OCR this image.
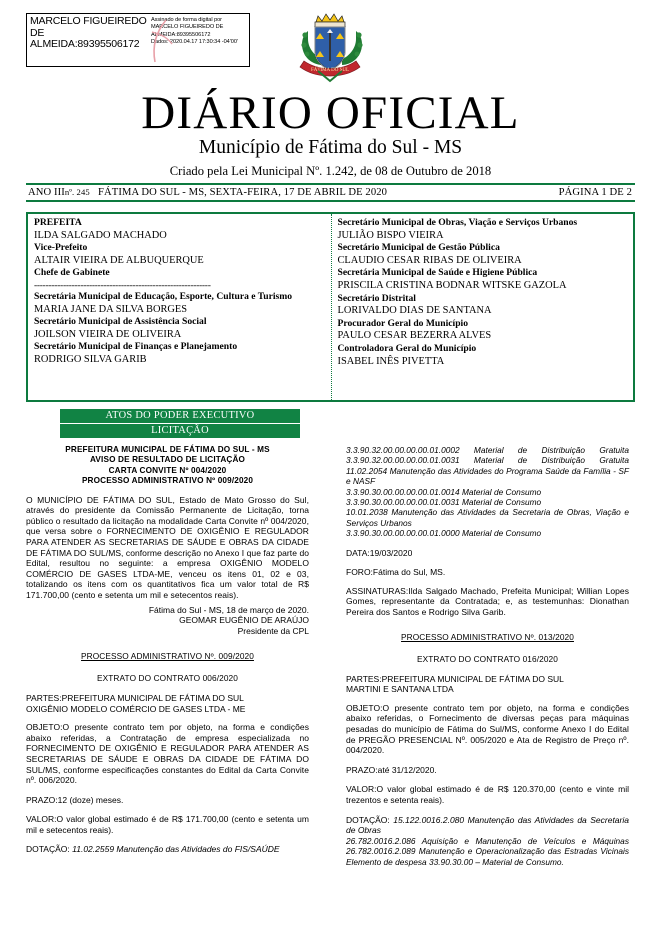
MARCELO FIGUEIREDO
DE
ALMEIDA:89395506172
Assinado de forma digital por
MARCELO FIGUEIREDO DE
ALMEIDA:89395506172
Dados: 2020.04.17 17:30:34 -04'00'
FÁTIMA DO SUL
DIÁRIO OFICIAL
Município de Fátima do Sul - MS
Criado pela Lei Municipal Nº. 1.242, de 08 de Outubro de 2018
ANO IIInº. 245 FÁTIMA DO SUL - MS, SEXTA-FEIRA, 17 DE ABRIL DE 2020	PÁGINA 1 DE 2
PREFEITA
ILDA SALGADO MACHADO
Vice-Prefeito
ALTAIR VIEIRA DE ALBUQUERQUE
Chefe de Gabinete
-------------------------------------------------------------
Secretária Municipal de Educação, Esporte, Cultura e Turismo
MARIA JANE DA SILVA BORGES
Secretário Municipal de Assistência Social
JOILSON VIEIRA DE OLIVEIRA
Secretário Municipal de Finanças e Planejamento
RODRIGO SILVA GARIB
Secretário Municipal de Obras, Viação e Serviços Urbanos
JULIÃO BISPO VIEIRA
Secretário Municipal de Gestão Pública
CLAUDIO CESAR RIBAS DE OLIVEIRA
Secretária Municipal de Saúde e Higiene Pública
PRISCILA CRISTINA BODNAR WITSKE GAZOLA
Secretário Distrital
LORIVALDO DIAS DE SANTANA
Procurador Geral do Município
PAULO CESAR BEZERRA ALVES
Controladora Geral do Município
ISABEL INÊS PIVETTA
ATOS DO PODER EXECUTIVO
LICITAÇÃO
PREFEITURA MUNICIPAL DE FÁTIMA DO SUL - MS
AVISO DE RESULTADO DE LICITAÇÃO
CARTA CONVITE Nº 004/2020
PROCESSO ADMINISTRATIVO Nº 009/2020
O MUNICÍPIO DE FÁTIMA DO SUL, Estado de Mato Grosso do Sul, através do presidente da Comissão Permanente de Licitação, torna público o resultado da licitação na modalidade Carta Convite nº 004/2020, que versa sobre o FORNECIMENTO DE OXIGÊNIO E REGULADOR PARA ATENDER AS SECRETARIAS DE SÁUDE E OBRAS DA CIDADE DE FÁTIMA DO SUL/MS, conforme descrição no Anexo I que faz parte do Edital, resultou no seguinte: a empresa OXIGÊNIO MODELO COMÉRCIO DE GASES LTDA-ME, venceu os itens 01, 02 e 03, totalizando os itens com os quantitativos fica um valor total de R$ 171.700,00 (cento e setenta um mil e setecentos reais).
Fátima do Sul - MS, 18 de março de 2020.
GEOMAR EUGÊNIO DE ARAÚJO
Presidente da CPL
PROCESSO ADMINISTRATIVO Nº. 009/2020
EXTRATO DO CONTRATO 006/2020
PARTES:PREFEITURA MUNICIPAL DE FÁTIMA DO SUL
OXIGÊNIO MODELO COMÉRCIO DE GASES LTDA - ME
OBJETO:O presente contrato tem por objeto, na forma e condições abaixo referidas, a Contratação de empresa especializada no FORNECIMENTO DE OXIGÊNIO E REGULADOR PARA ATENDER AS SECRETARIAS DE SÁUDE E OBRAS DA CIDADE DE FÁTIMA DO SUL/MS, conforme especificações constantes do Edital da Carta Convite nº. 006/2020.
PRAZO:12 (doze) meses.
VALOR:O valor global estimado é de R$ 171.700,00 (cento e setenta um mil e setecentos reais).
DOTAÇÃO: 11.02.2559 Manutenção das Atividades do FIS/SAÚDE
3.3.90.32.00.00.00.00.01.0002 Material de Distribuição Gratuita
3.3.90.32.00.00.00.00.01.0031 Material de Distribuição Gratuita
11.02.2054 Manutenção das Atividades do Programa Saúde da Família - SF e NASF
3.3.90.30.00.00.00.00.01.0014 Material de Consumo
3.3.90.30.00.00.00.00.01.0031 Material de Consumo
10.01.2038 Manutenção das Atividades da Secretaria de Obras, Viação e Serviços Urbanos
3.3.90.30.00.00.00.00.01.0000 Material de Consumo
DATA:19/03/2020
FORO:Fátima do Sul, MS.
ASSINATURAS:Ilda Salgado Machado, Prefeita Municipal; Willian Lopes Gomes, representante da Contratada; e, as testemunhas: Dionathan Pereira dos Santos e Rodrigo Silva Garib.
PROCESSO ADMINISTRATIVO Nº. 013/2020
EXTRATO DO CONTRATO 016/2020
PARTES:PREFEITURA MUNICIPAL DE FÁTIMA DO SUL
MARTINI E SANTANA LTDA
OBJETO:O presente contrato tem por objeto, na forma e condições abaixo referidas, o Fornecimento de diversas peças para máquinas pesadas do município de Fátima do Sul/MS, conforme Anexo I do Edital de PREGÃO PRESENCIAL Nº. 005/2020 e Ata de Registro de Preço nº. 004/2020.
PRAZO:até 31/12/2020.
VALOR:O valor global estimado é de R$ 120.370,00 (cento e vinte mil trezentos e setenta reais).
DOTAÇÃO: 15.122.0016.2.080 Manutenção das Atividades da Secretaria de Obras
26.782.0016.2.086 Aquisição e Manutenção de Veículos e Máquinas
26.782.0016.2.089 Manutenção e Operacionalização das Estradas Vicinais
Elemento de despesa 33.90.30.00 – Material de Consumo.
